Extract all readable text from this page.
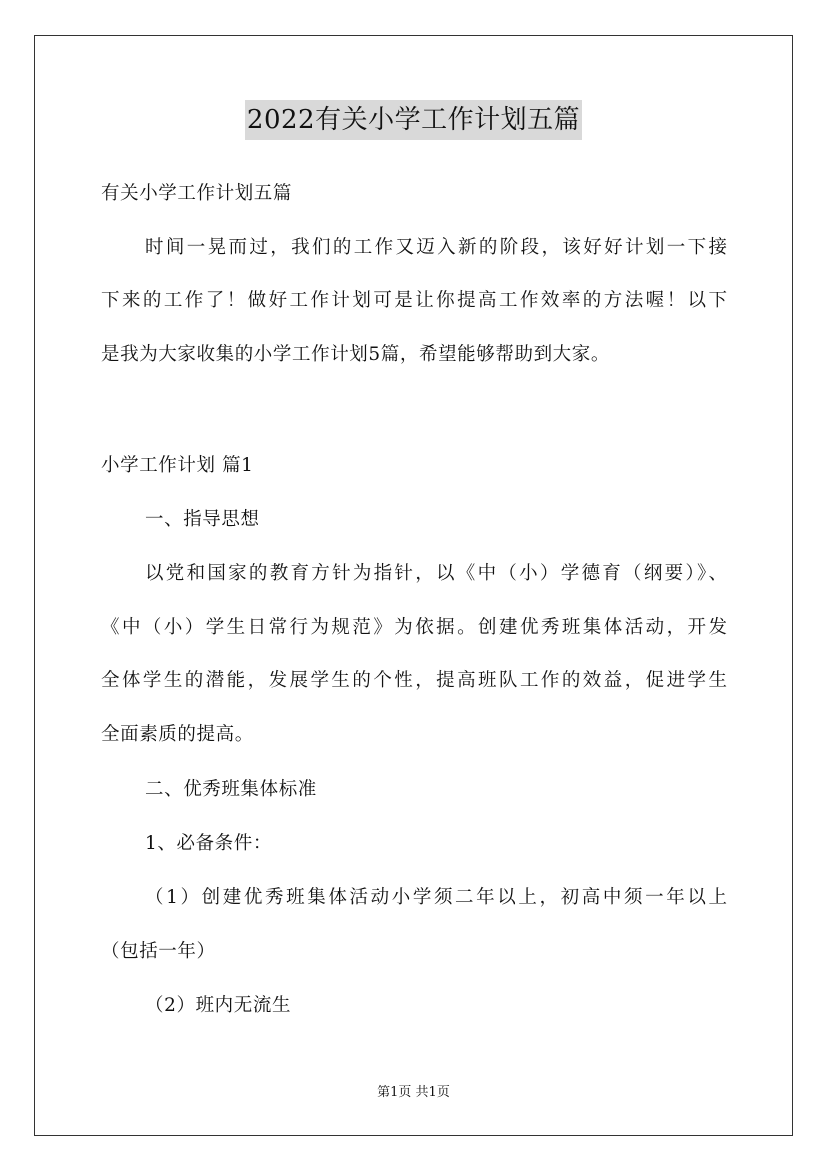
2022有关小学工作计划五篇
有关小学工作计划五篇
时间一晃而过，我们的工作又迈入新的阶段，该好好计划一下接
下来的工作了！做好工作计划可是让你提高工作效率的方法喔！以下
是我为大家收集的小学工作计划5篇，希望能够帮助到大家。
小学工作计划 篇1
一、指导思想
以党和国家的教育方针为指针，以《中（小）学德育（纲要）》、
《中（小）学生日常行为规范》为依据。创建优秀班集体活动，开发
全体学生的潜能，发展学生的个性，提高班队工作的效益，促进学生
全面素质的提高。
二、优秀班集体标准
1、必备条件：
（1）创建优秀班集体活动小学须二年以上，初高中须一年以上
（包括一年）
（2）班内无流生
第1页 共1页
